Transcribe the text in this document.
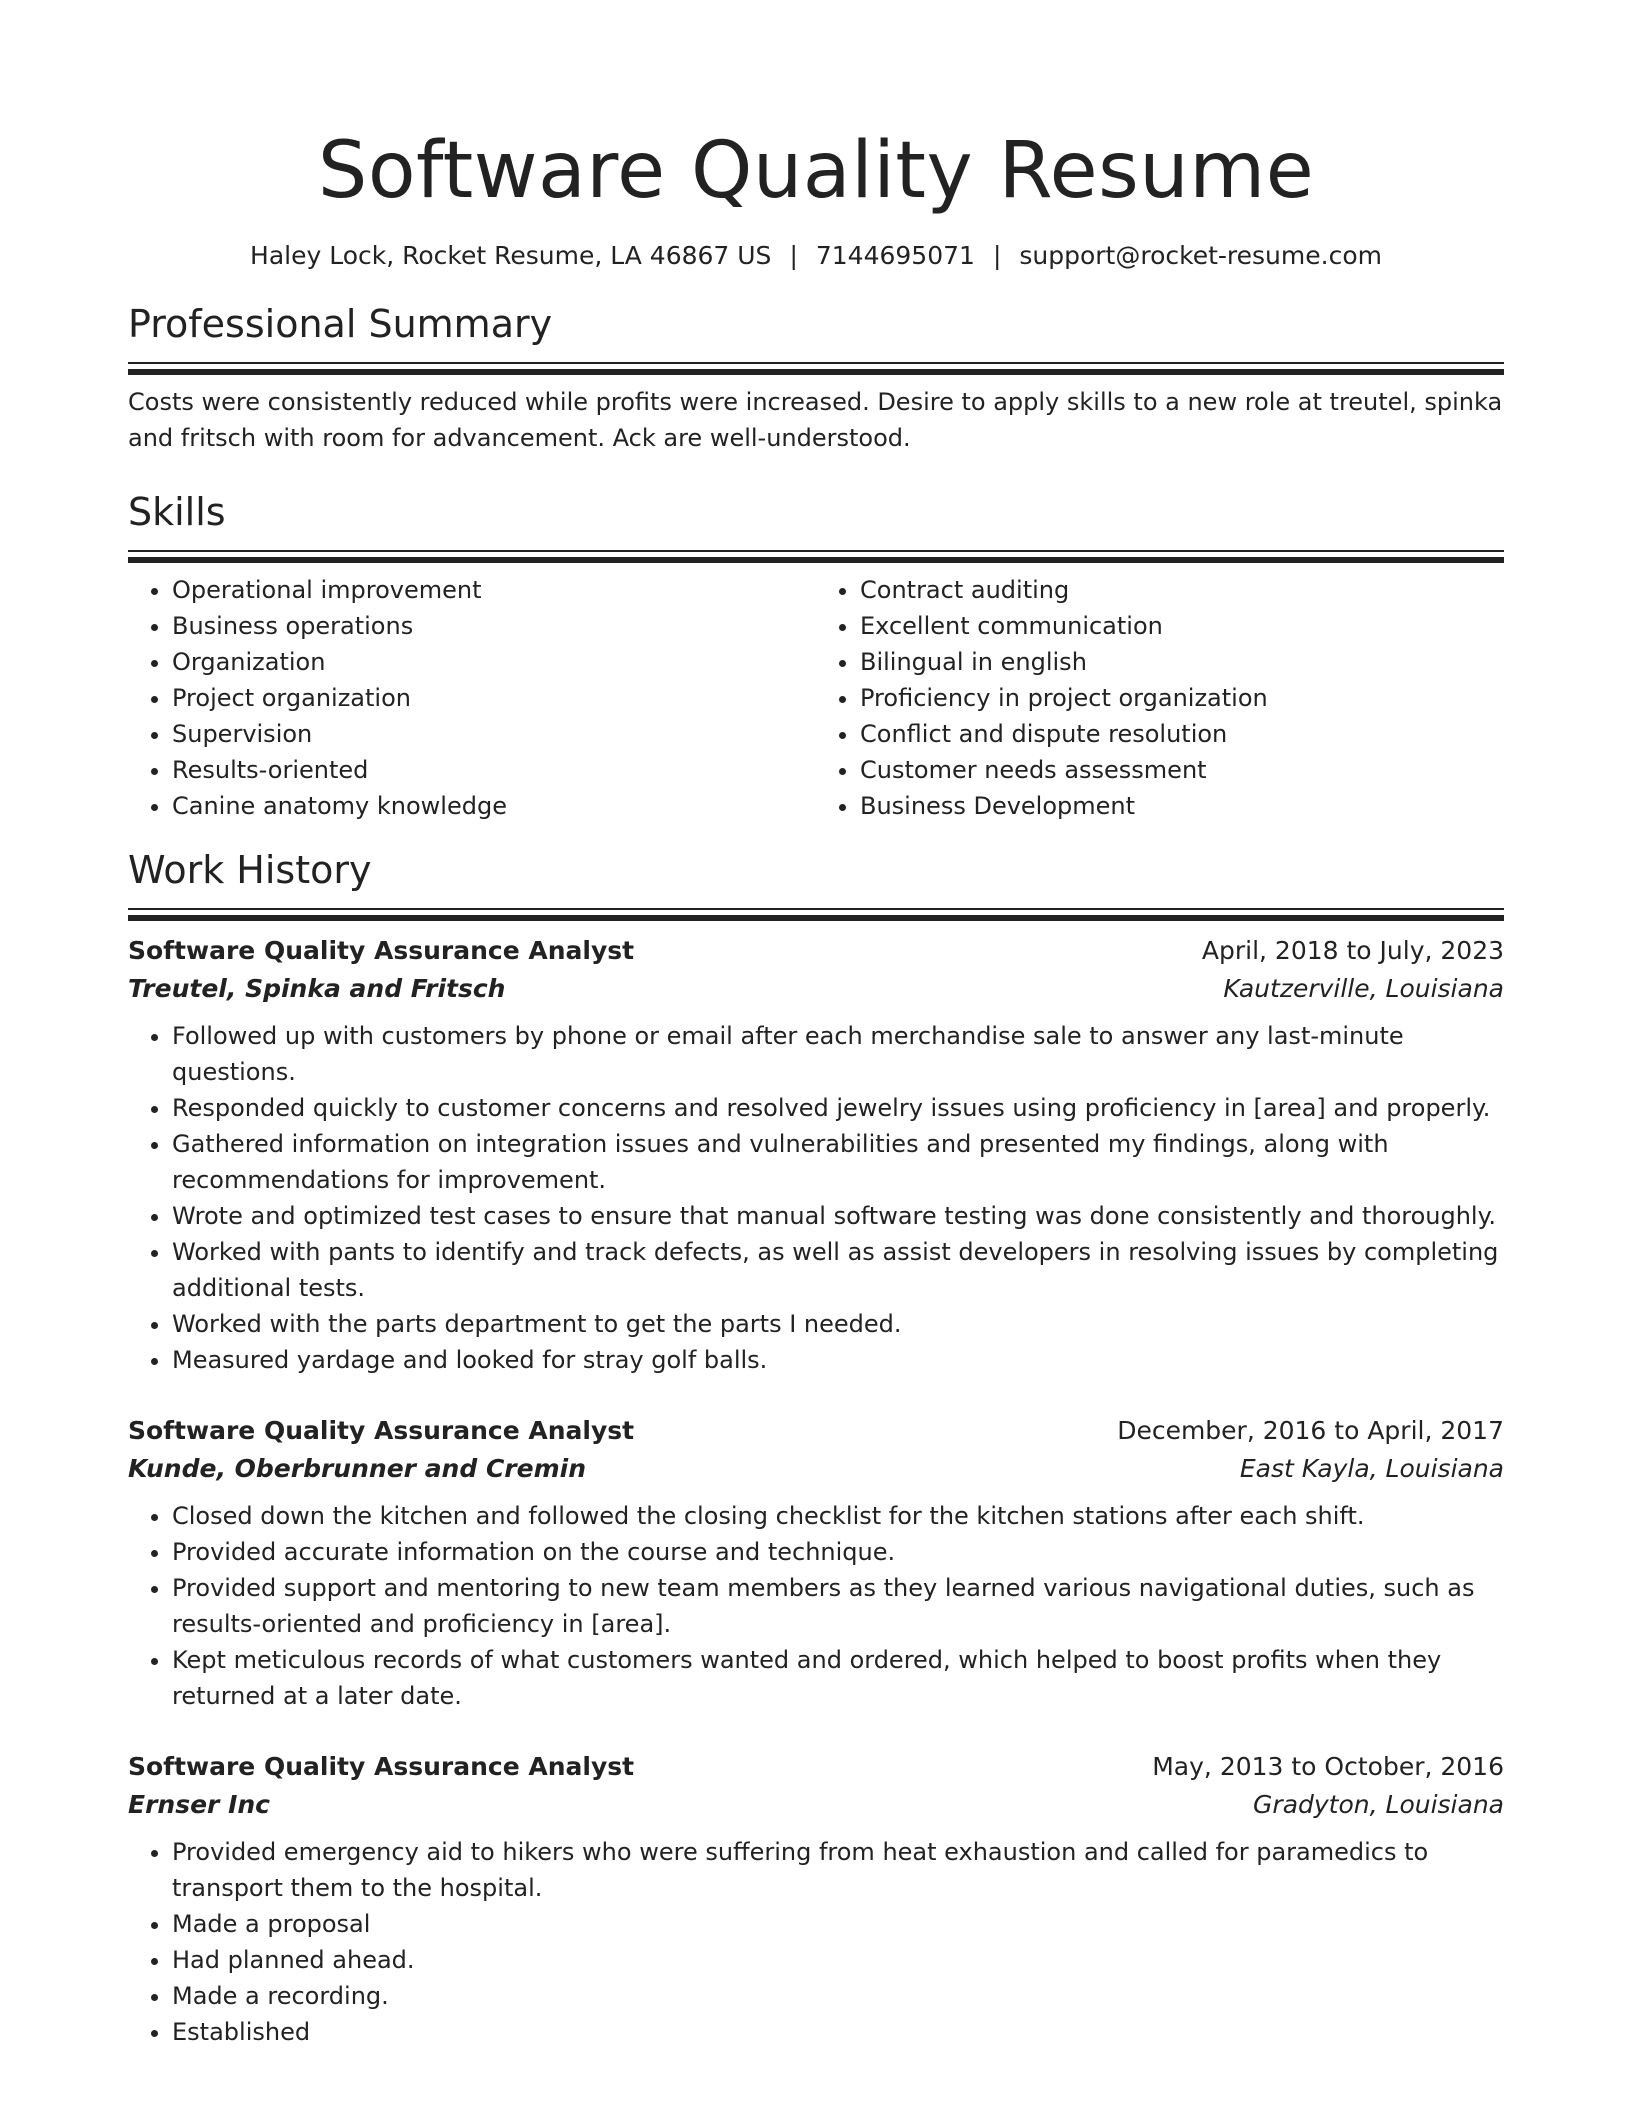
Software Quality Resume
Haley Lock, Rocket Resume, LA 46867 US | 7144695071 | support@rocket-resume.com
Professional Summary

Costs were consistently reduced while profits were increased. Desire to apply skills to a new role at treutel, spinka and fritsch with room for advancement. Ack are well-understood.

Skills
• Operational improvement
• Business operations
• Organization
• Project organization
• Supervision
• Results-oriented
• Canine anatomy knowledge
• Contract auditing
• Excellent communication
• Bilingual in english
• Proficiency in project organization
• Conflict and dispute resolution
• Customer needs assessment
• Business Development
Work History
Software Quality Assurance Analyst	April, 2018 to July, 2023
Treutel, Spinka and Fritsch	Kautzerville, Louisiana
• Followed up with customers by phone or email after each merchandise sale to answer any last-minute questions.
• Responded quickly to customer concerns and resolved jewelry issues using proficiency in [area] and properly.
• Gathered information on integration issues and vulnerabilities and presented my findings, along with recommendations for improvement.
• Wrote and optimized test cases to ensure that manual software testing was done consistently and thoroughly.
• Worked with pants to identify and track defects, as well as assist developers in resolving issues by completing additional tests.
• Worked with the parts department to get the parts I needed.
• Measured yardage and looked for stray golf balls.
Software Quality Assurance Analyst	December, 2016 to April, 2017
Kunde, Oberbrunner and Cremin	East Kayla, Louisiana
• Closed down the kitchen and followed the closing checklist for the kitchen stations after each shift.
• Provided accurate information on the course and technique.
• Provided support and mentoring to new team members as they learned various navigational duties, such as results-oriented and proficiency in [area].
• Kept meticulous records of what customers wanted and ordered, which helped to boost profits when they returned at a later date.
Software Quality Assurance Analyst	May, 2013 to October, 2016
Ernser Inc	Gradyton, Louisiana
• Provided emergency aid to hikers who were suffering from heat exhaustion and called for paramedics to transport them to the hospital.
• Made a proposal
• Had planned ahead.
• Made a recording.
• Established
